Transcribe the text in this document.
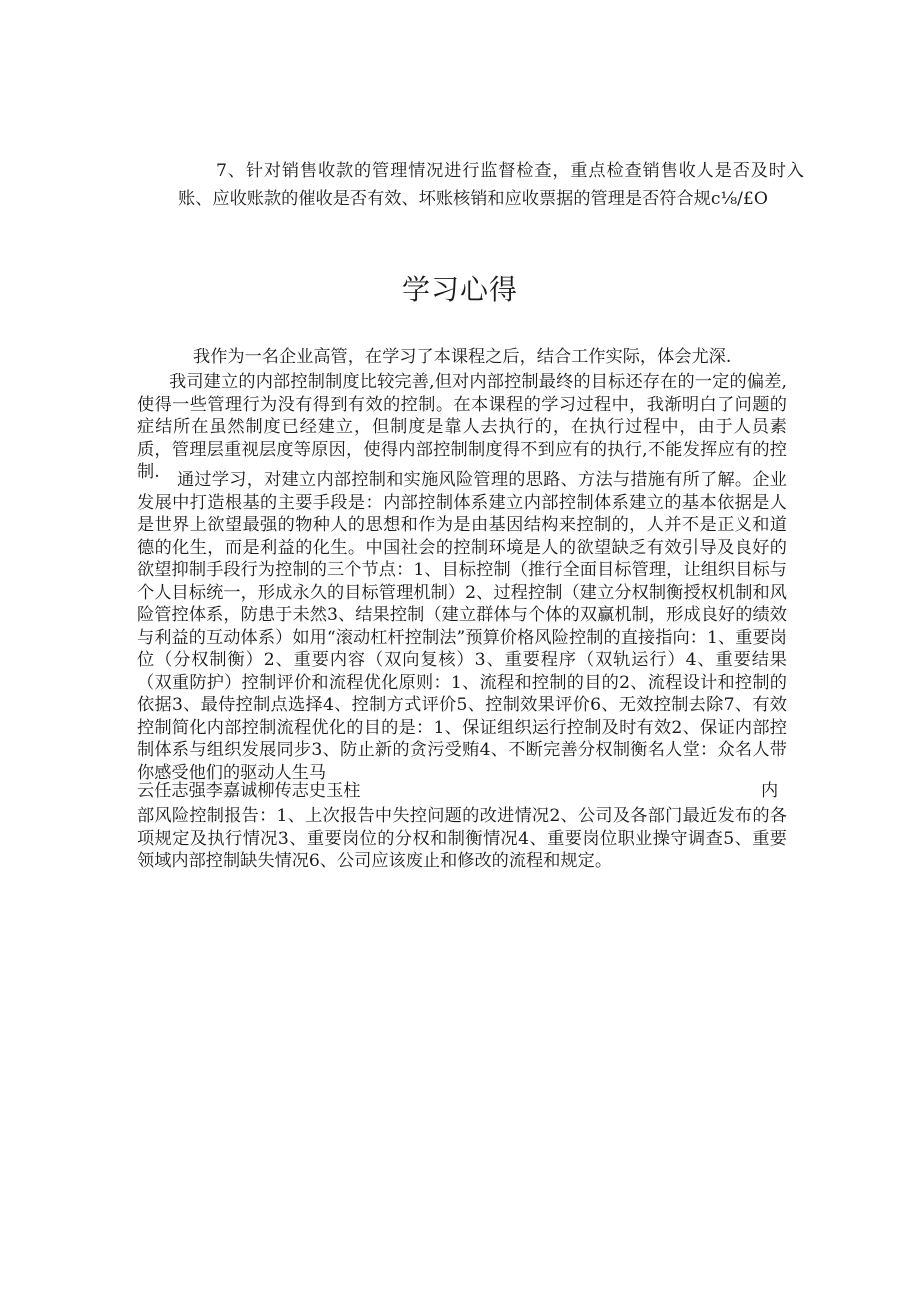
7、针对销售收款的管理情况进行监督检查，重点检查销售收人是否及时入账、应收账款的催收是否有效、坏账核销和应收票据的管理是否符合规c⅛∕£O
学习心得
我作为一名企业高管，在学习了本课程之后，结合工作实际，体会尤深.
我司建立的内部控制制度比较完善,但对内部控制最终的目标还存在的一定的偏差,使得一些管理行为没有得到有效的控制。在本课程的学习过程中，我渐明白了问题的症结所在虽然制度已经建立，但制度是靠人去执行的，在执行过程中，由于人员素质，管理层重视层度等原因，使得内部控制制度得不到应有的执行,不能发挥应有的控制.	通过学习，对建立内部控制和实施风险管理的思路、方法与措施有所了解。企业发展中打造根基的主要手段是：内部控制体系建立内部控制体系建立的基本依据是人是世界上欲望最强的物种人的思想和作为是由基因结构来控制的，人并不是正义和道德的化生，而是利益的化生。中国社会的控制环境是人的欲望缺乏有效引导及良好的欲望抑制手段行为控制的三个节点：1、目标控制（推行全面目标管理，让组织目标与个人目标统一，形成永久的目标管理机制）2、过程控制（建立分权制衡授权机制和风险管控体系，防患于未然3、结果控制（建立群体与个体的双赢机制，形成良好的绩效与利益的互动体系）如用“滚动杠杆控制法”预算价格风险控制的直接指向：1、重要岗位（分权制衡）2、重要内容（双向复核）3、重要程序（双轨运行）4、重要结果（双重防护）控制评价和流程优化原则：1、流程和控制的目的2、流程设计和控制的依据3、最侍控制点选择4、控制方式评价5、控制效果评价6、无效控制去除7、有效控制简化内部控制流程优化的目的是：1、保证组织运行控制及时有效2、保证内部控制体系与组织发展同步3、防止新的贪污受贿4、不断完善分权制衡名人堂：众名人带你感受他们的驱动人生马
云任志强李嘉诚柳传志史玉柱	内
部风险控制报告：1、上次报告中失控问题的改进情况2、公司及各部门最近发布的各项规定及执行情况3、重要岗位的分权和制衡情况4、重要岗位职业操守调查5、重要领域内部控制缺失情况6、公司应该废止和修改的流程和规定。
